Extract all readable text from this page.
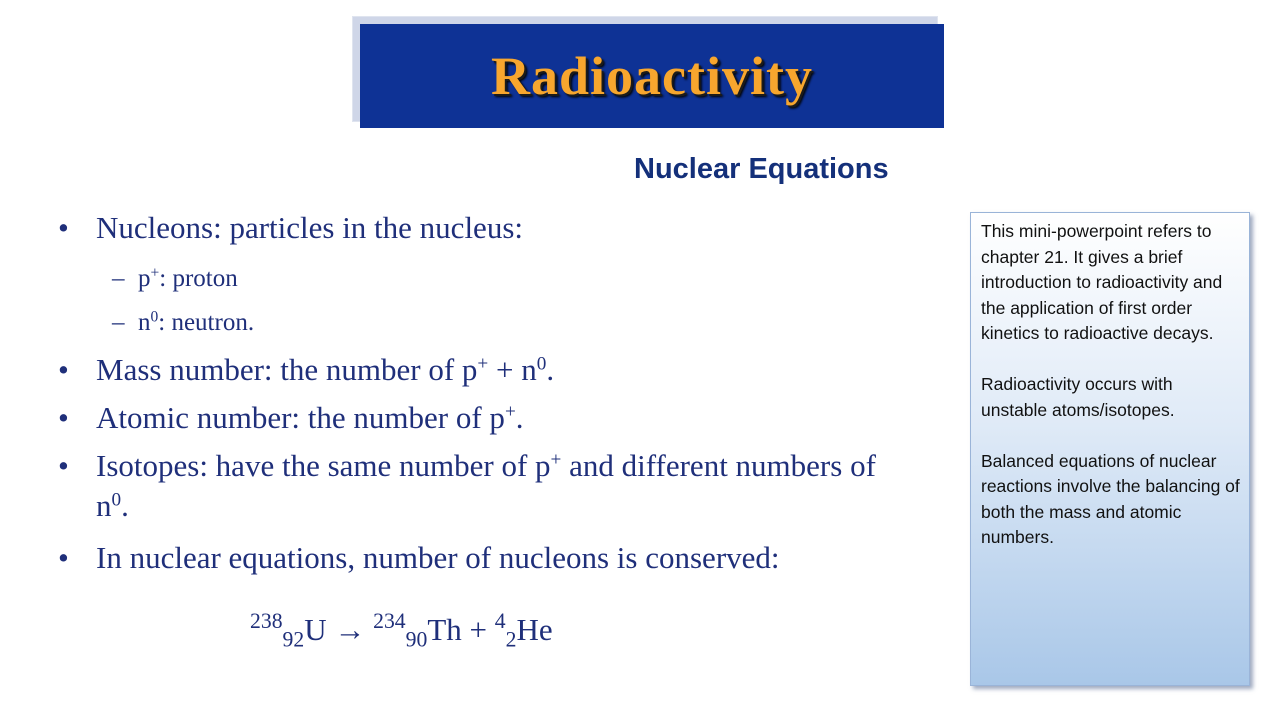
Radioactivity
Nuclear Equations
• Nucleons: particles in the nucleus:
– p+: proton
– $n^0$: neutron.
• Mass number: the number of $p^+ + n^0$.
• Atomic number: the number of p+.
• Isotopes: have the same number of p+ and different numbers of $n^0$.
• In nuclear equations, number of nucleons is conserved:
$^{238}_{92}$U → $^{234}_{90}$Th + $^4_2$He

This mini-powerpoint refers to chapter 21. It gives a brief introduction to radioactivity and the application of first order kinetics to radioactive decays.

Radioactivity occurs with unstable atoms/isotopes.

Balanced equations of nuclear reactions involve the balancing of both the mass and atomic numbers.
